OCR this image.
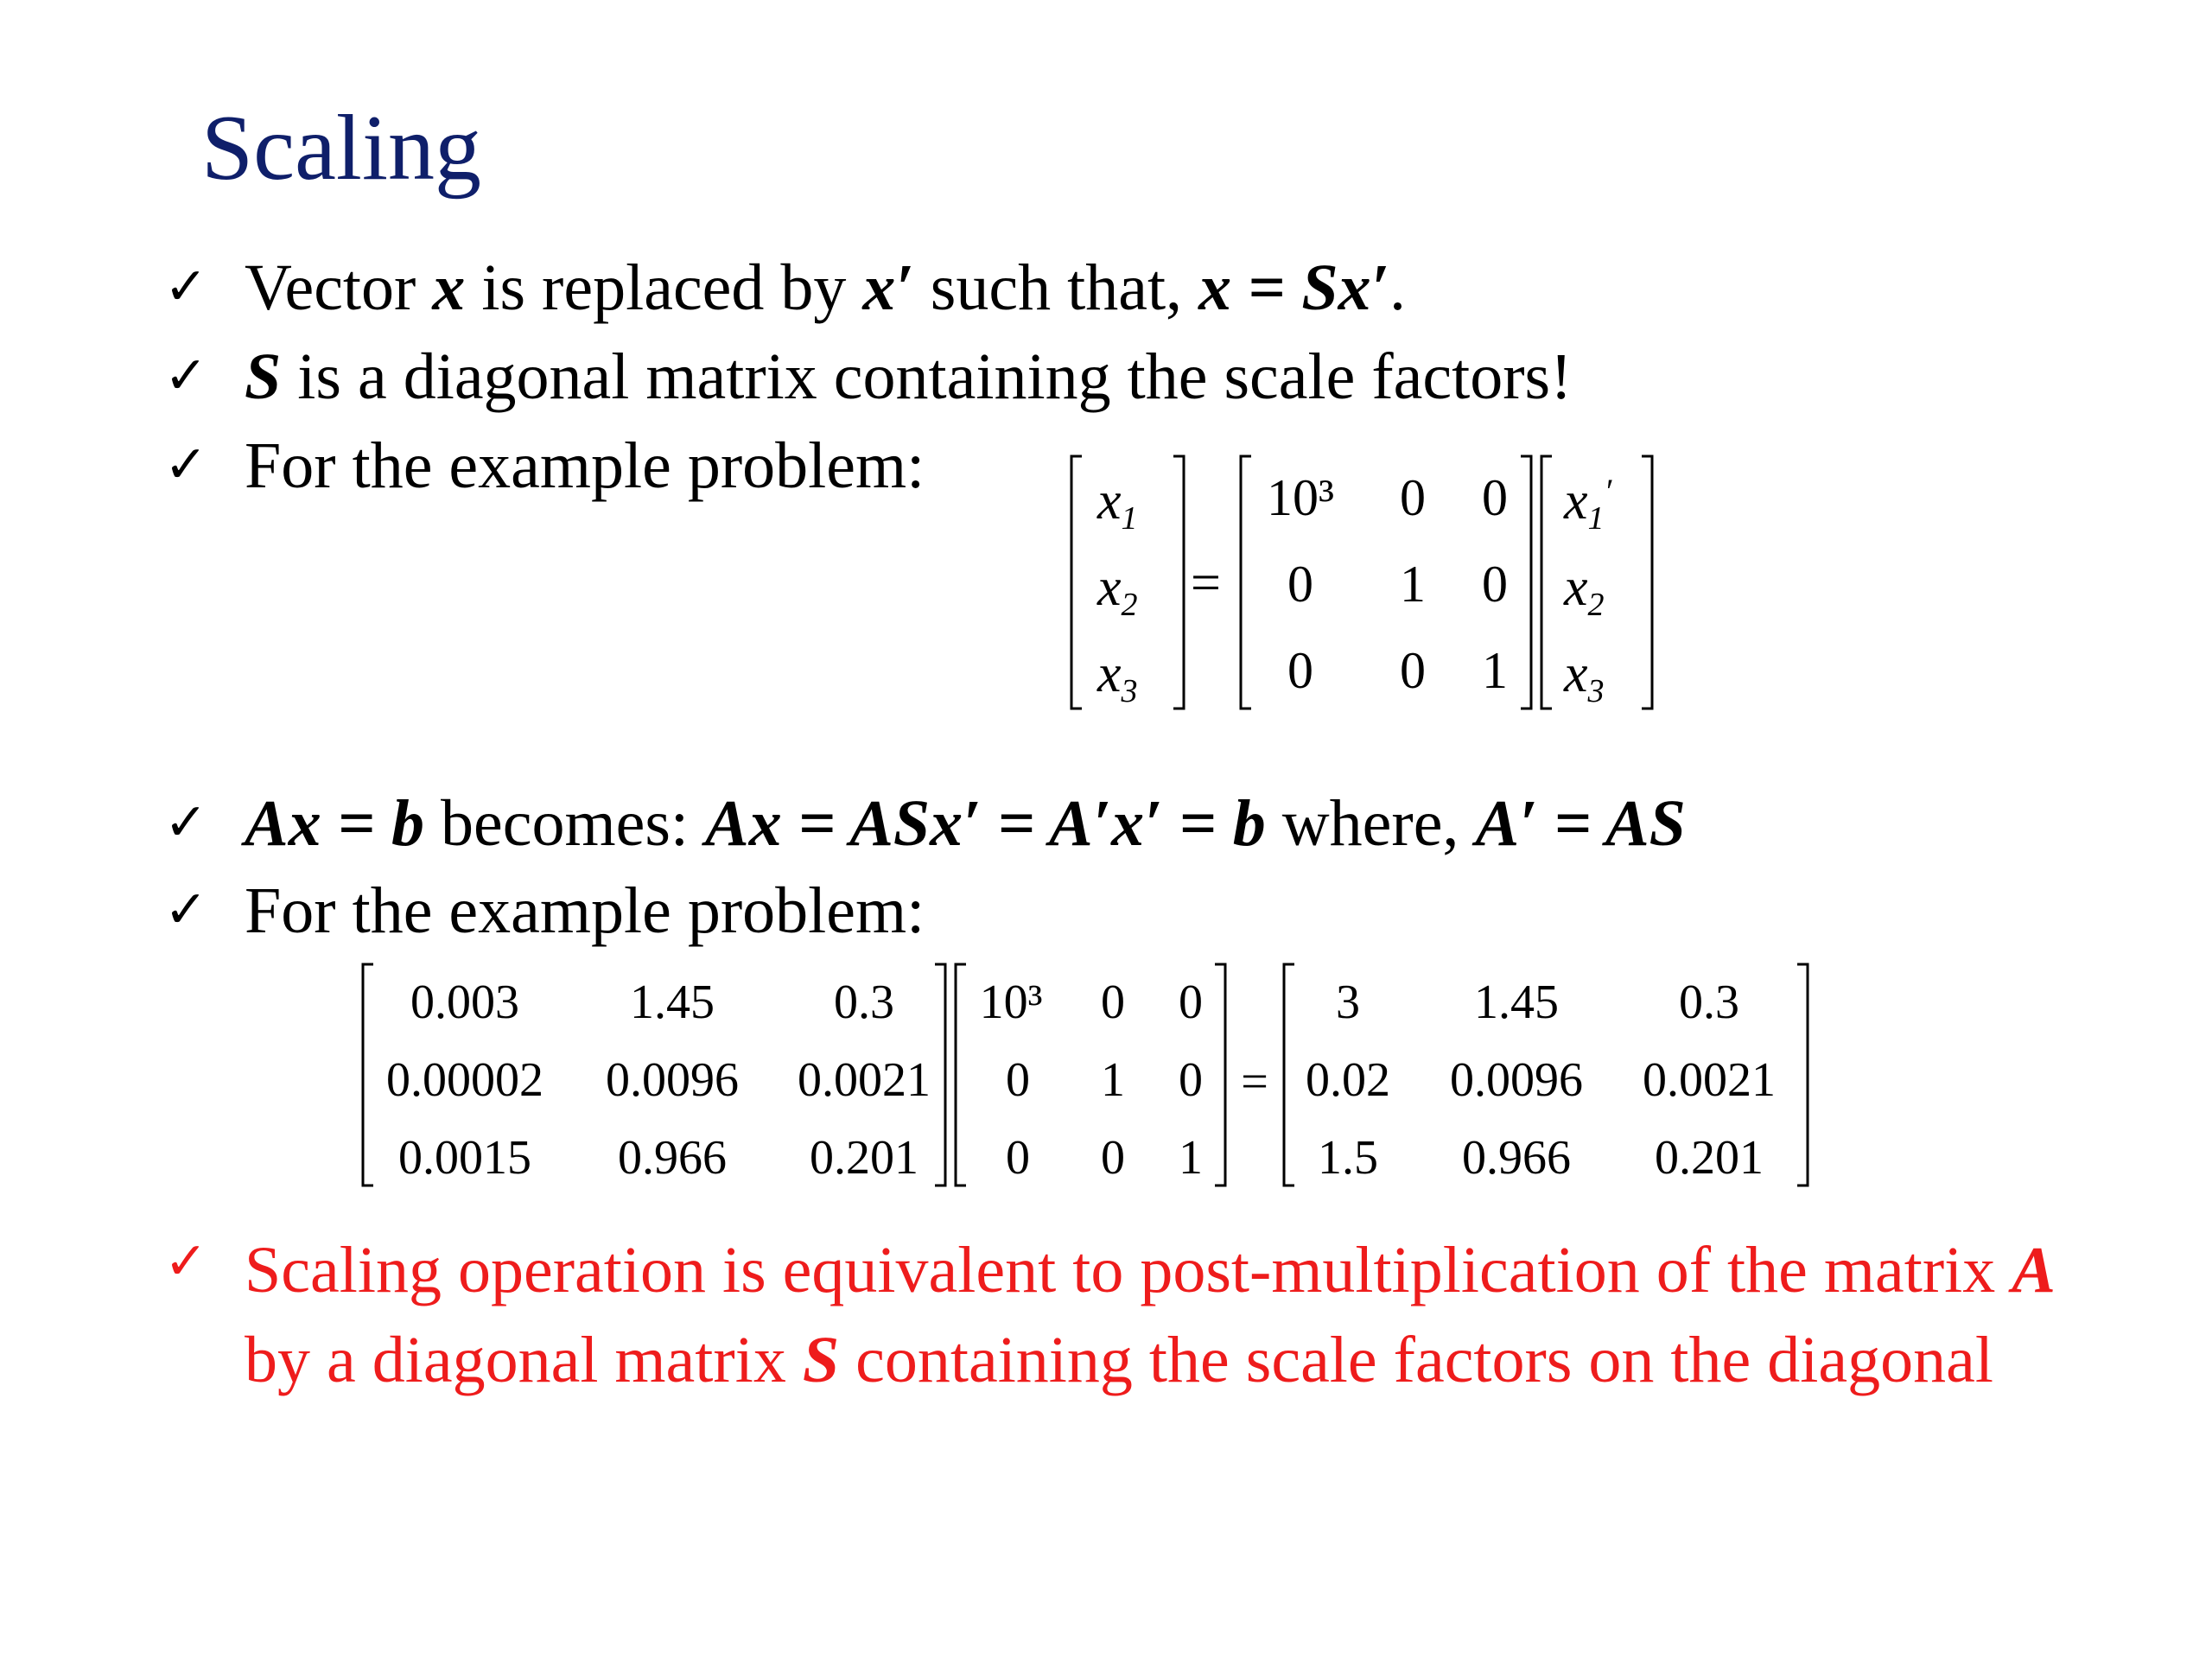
Scaling
✓ Vector x is replaced by x′ such that, x = Sx′.
✓ S is a diagonal matrix containing the scale factors!
✓ For the example problem:	x1
x2
x3
x1′
x2
x3
=
10³ 0 0
0 1 0
0 0 1
✓ Ax = b becomes: Ax = ASx′ = A′x′ = b where, A′ = AS
✓ For the example problem:
0.003 1.45 0.3
0.00002 0.0096 0.0021
0.0015 0.966 0.201
10³ 0 0
0 1 0
0 0 1
=
3 1.45 0.3
0.02 0.0096 0.0021
1.5 0.966 0.201
✓ Scaling operation is equivalent to post-multiplication of the matrix A by a diagonal matrix S containing the scale factors on the diagonal
